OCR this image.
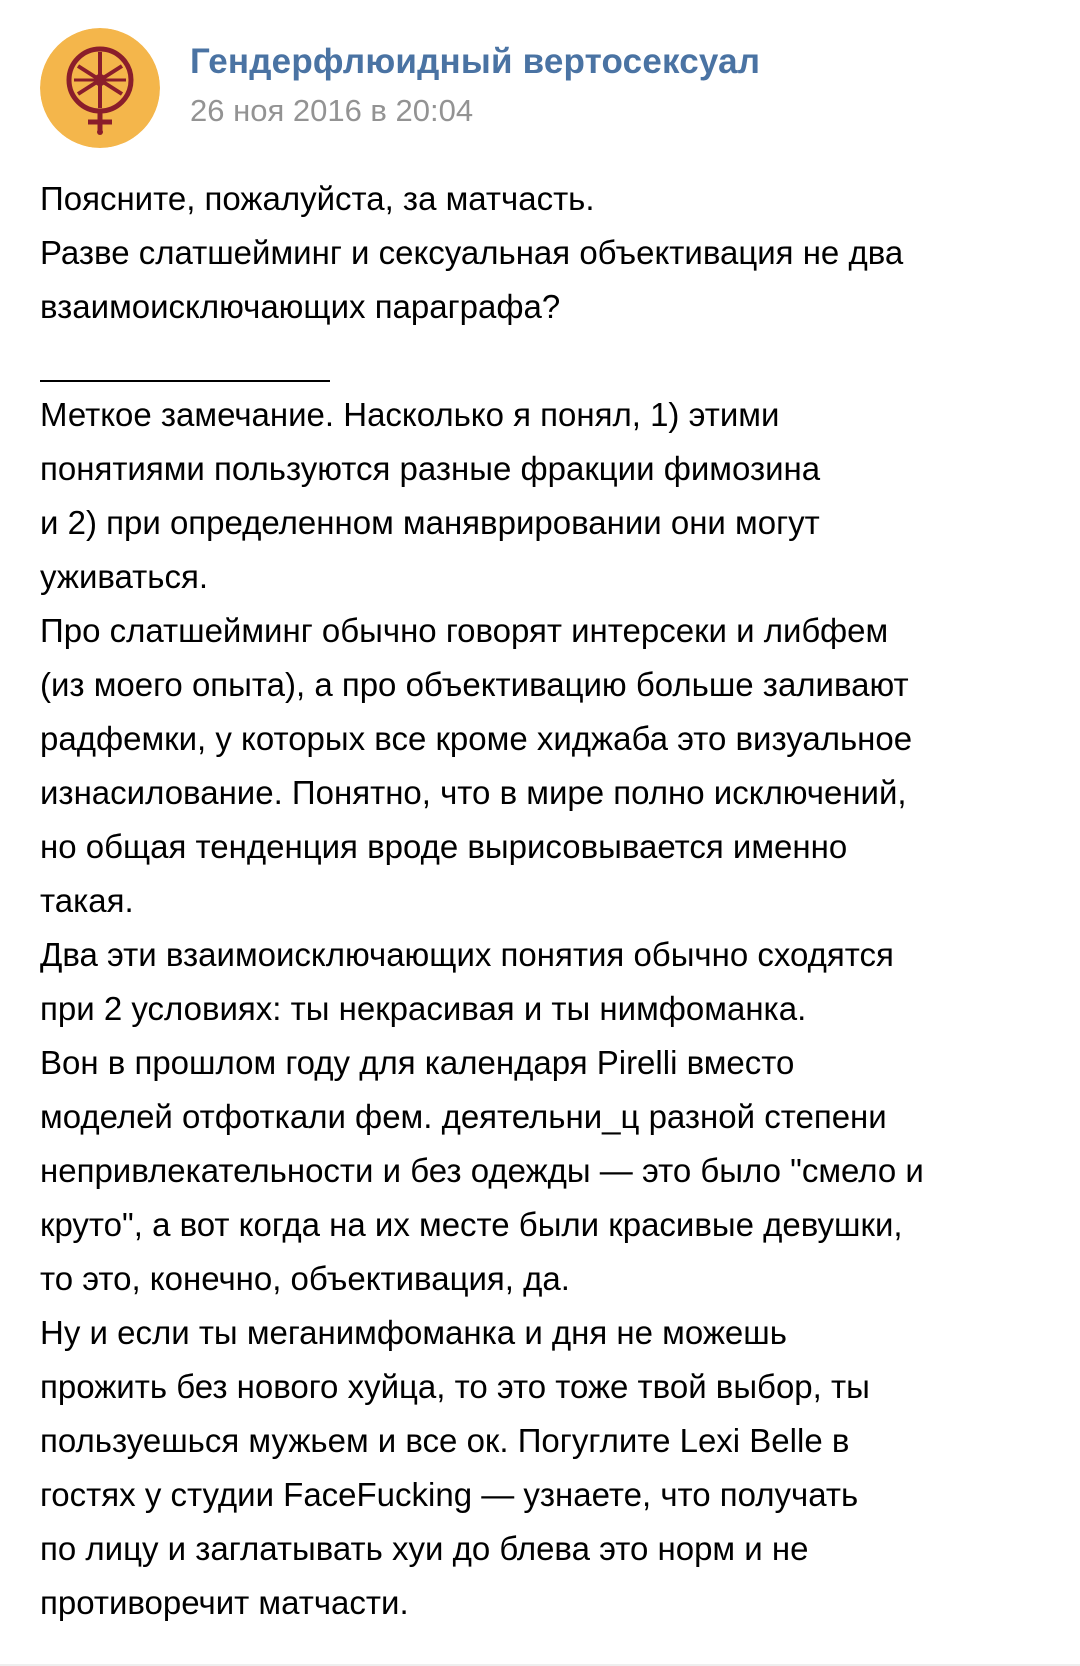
Гендерфлюидный вертосексуал
26 ноя 2016 в 20:04
Поясните, пожалуйста, за матчасть.
Разве слатшейминг и сексуальная объективация не два
взаимоисключающих параграфа?
Меткое замечание. Насколько я понял, 1) этими
понятиями пользуются разные фракции фимозина
и 2) при определенном маняврировании они могут
уживаться.
Про слатшейминг обычно говорят интерсеки и либфем
(из моего опыта), а про объективацию больше заливают
радфемки, у которых все кроме хиджаба это визуальное
изнасилование. Понятно, что в мире полно исключений,
но общая тенденция вроде вырисовывается именно
такая.
Два эти взаимоисключающих понятия обычно сходятся
при 2 условиях: ты некрасивая и ты нимфоманка.
Вон в прошлом году для календаря Pirelli вместо
моделей отфоткали фем. деятельни_ц разной степени
непривлекательности и без одежды — это было "смело и
круто", а вот когда на их месте были красивые девушки,
то это, конечно, объективация, да.
Ну и если ты меганимфоманка и дня не можешь
прожить без нового хуйца, то это тоже твой выбор, ты
пользуешься мужьем и все ок. Погуглите Lexi Belle в
гостях у студии FaceFucking — узнаете, что получать
по лицу и заглатывать хуи до блева это норм и не
противоречит матчасти.
